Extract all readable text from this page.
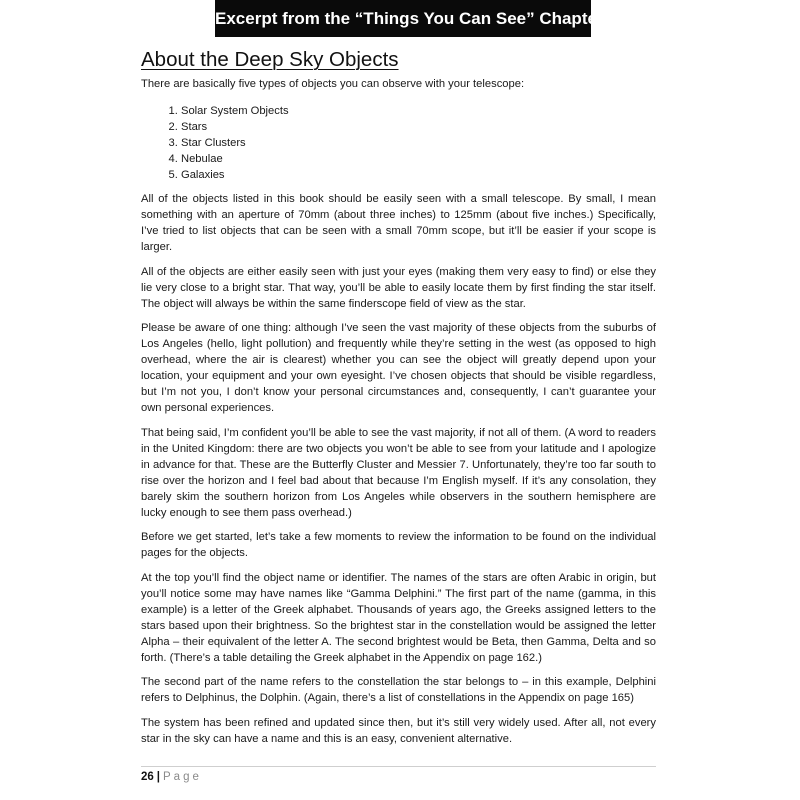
Excerpt from the “Things You Can See” Chapter
About the Deep Sky Objects

There are basically five types of objects you can observe with your telescope:

1. Solar System Objects
2. Stars
3. Star Clusters
4. Nebulae
5. Galaxies

All of the objects listed in this book should be easily seen with a small telescope. By small, I mean something with an aperture of 70mm (about three inches) to 125mm (about five inches.) Specifically, I’ve tried to list objects that can be seen with a small 70mm scope, but it’ll be easier if your scope is larger.

All of the objects are either easily seen with just your eyes (making them very easy to find) or else they lie very close to a bright star. That way, you’ll be able to easily locate them by first finding the star itself. The object will always be within the same finderscope field of view as the star.

Please be aware of one thing: although I’ve seen the vast majority of these objects from the suburbs of Los Angeles (hello, light pollution) and frequently while they’re setting in the west (as opposed to high overhead, where the air is clearest) whether you can see the object will greatly depend upon your location, your equipment and your own eyesight. I’ve chosen objects that should be visible regardless, but I’m not you, I don’t know your personal circumstances and, consequently, I can’t guarantee your own personal experiences.

That being said, I’m confident you’ll be able to see the vast majority, if not all of them. (A word to readers in the United Kingdom: there are two objects you won’t be able to see from your latitude and I apologize in advance for that. These are the Butterfly Cluster and Messier 7. Unfortunately, they’re too far south to rise over the horizon and I feel bad about that because I’m English myself. If it’s any consolation, they barely skim the southern horizon from Los Angeles while observers in the southern hemisphere are lucky enough to see them pass overhead.)

Before we get started, let’s take a few moments to review the information to be found on the individual pages for the objects.

At the top you’ll find the object name or identifier. The names of the stars are often Arabic in origin, but you’ll notice some may have names like “Gamma Delphini.” The first part of the name (gamma, in this example) is a letter of the Greek alphabet. Thousands of years ago, the Greeks assigned letters to the stars based upon their brightness. So the brightest star in the constellation would be assigned the letter Alpha – their equivalent of the letter A. The second brightest would be Beta, then Gamma, Delta and so forth. (There’s a table detailing the Greek alphabet in the Appendix on page 162.)

The second part of the name refers to the constellation the star belongs to – in this example, Delphini refers to Delphinus, the Dolphin. (Again, there’s a list of constellations in the Appendix on page 165)

The system has been refined and updated since then, but it’s still very widely used. After all, not every star in the sky can have a name and this is an easy, convenient alternative.

26 | Page
